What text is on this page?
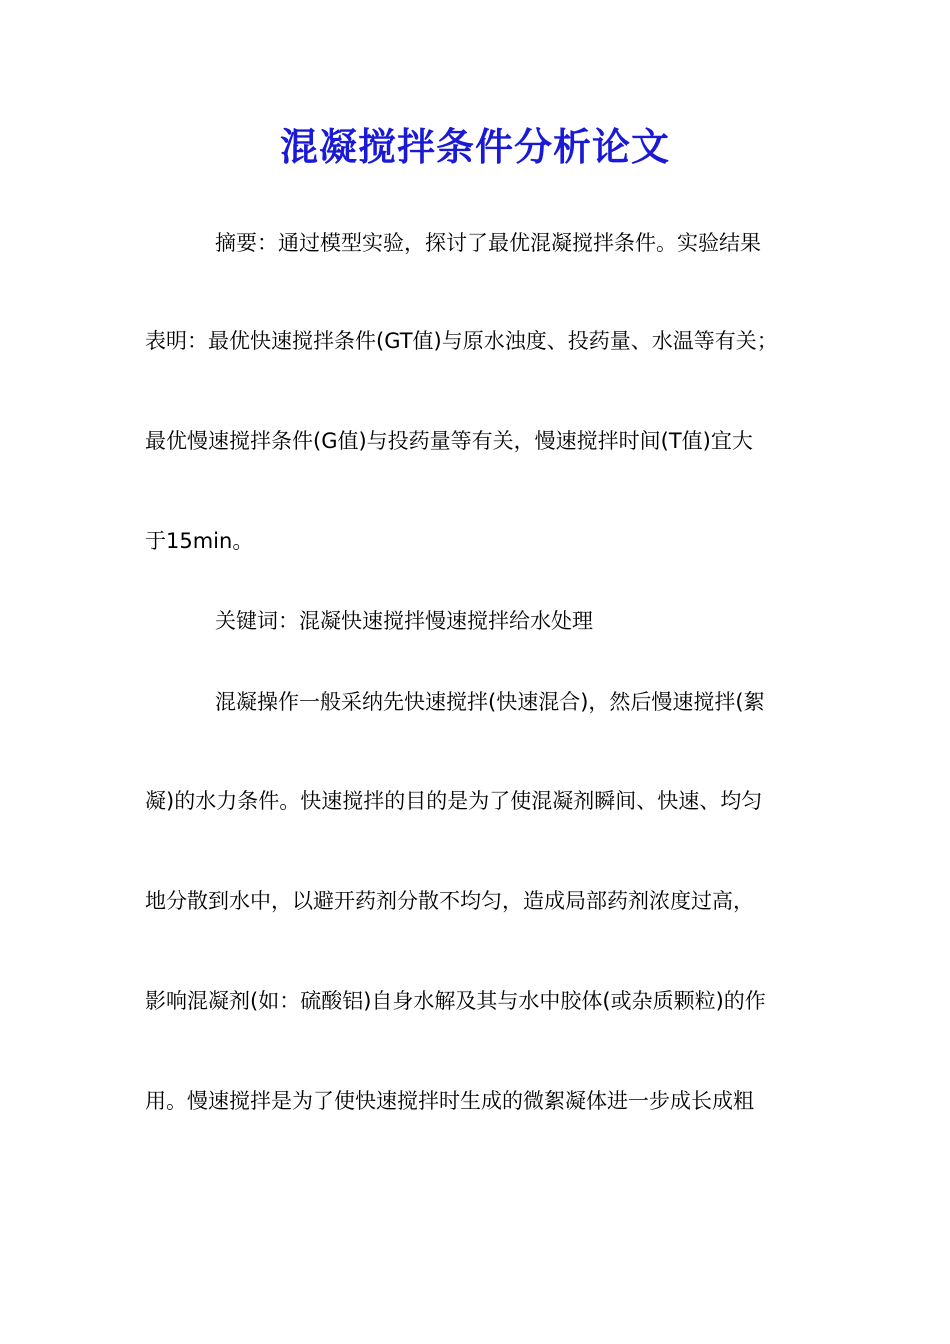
混凝搅拌条件分析论文
摘要：通过模型实验，探讨了最优混凝搅拌条件。实验结果
表明：最优快速搅拌条件(GT值)与原水浊度、投药量、水温等有关；
最优慢速搅拌条件(G值)与投药量等有关，慢速搅拌时间(T值)宜大
于15min。
关键词：混凝快速搅拌慢速搅拌给水处理
混凝操作一般采纳先快速搅拌(快速混合)，然后慢速搅拌(絮
凝)的水力条件。快速搅拌的目的是为了使混凝剂瞬间、快速、均匀
地分散到水中，以避开药剂分散不均匀，造成局部药剂浓度过高，
影响混凝剂(如：硫酸铝)自身水解及其与水中胶体(或杂质颗粒)的作
用。慢速搅拌是为了使快速搅拌时生成的微絮凝体进一步成长成粗
